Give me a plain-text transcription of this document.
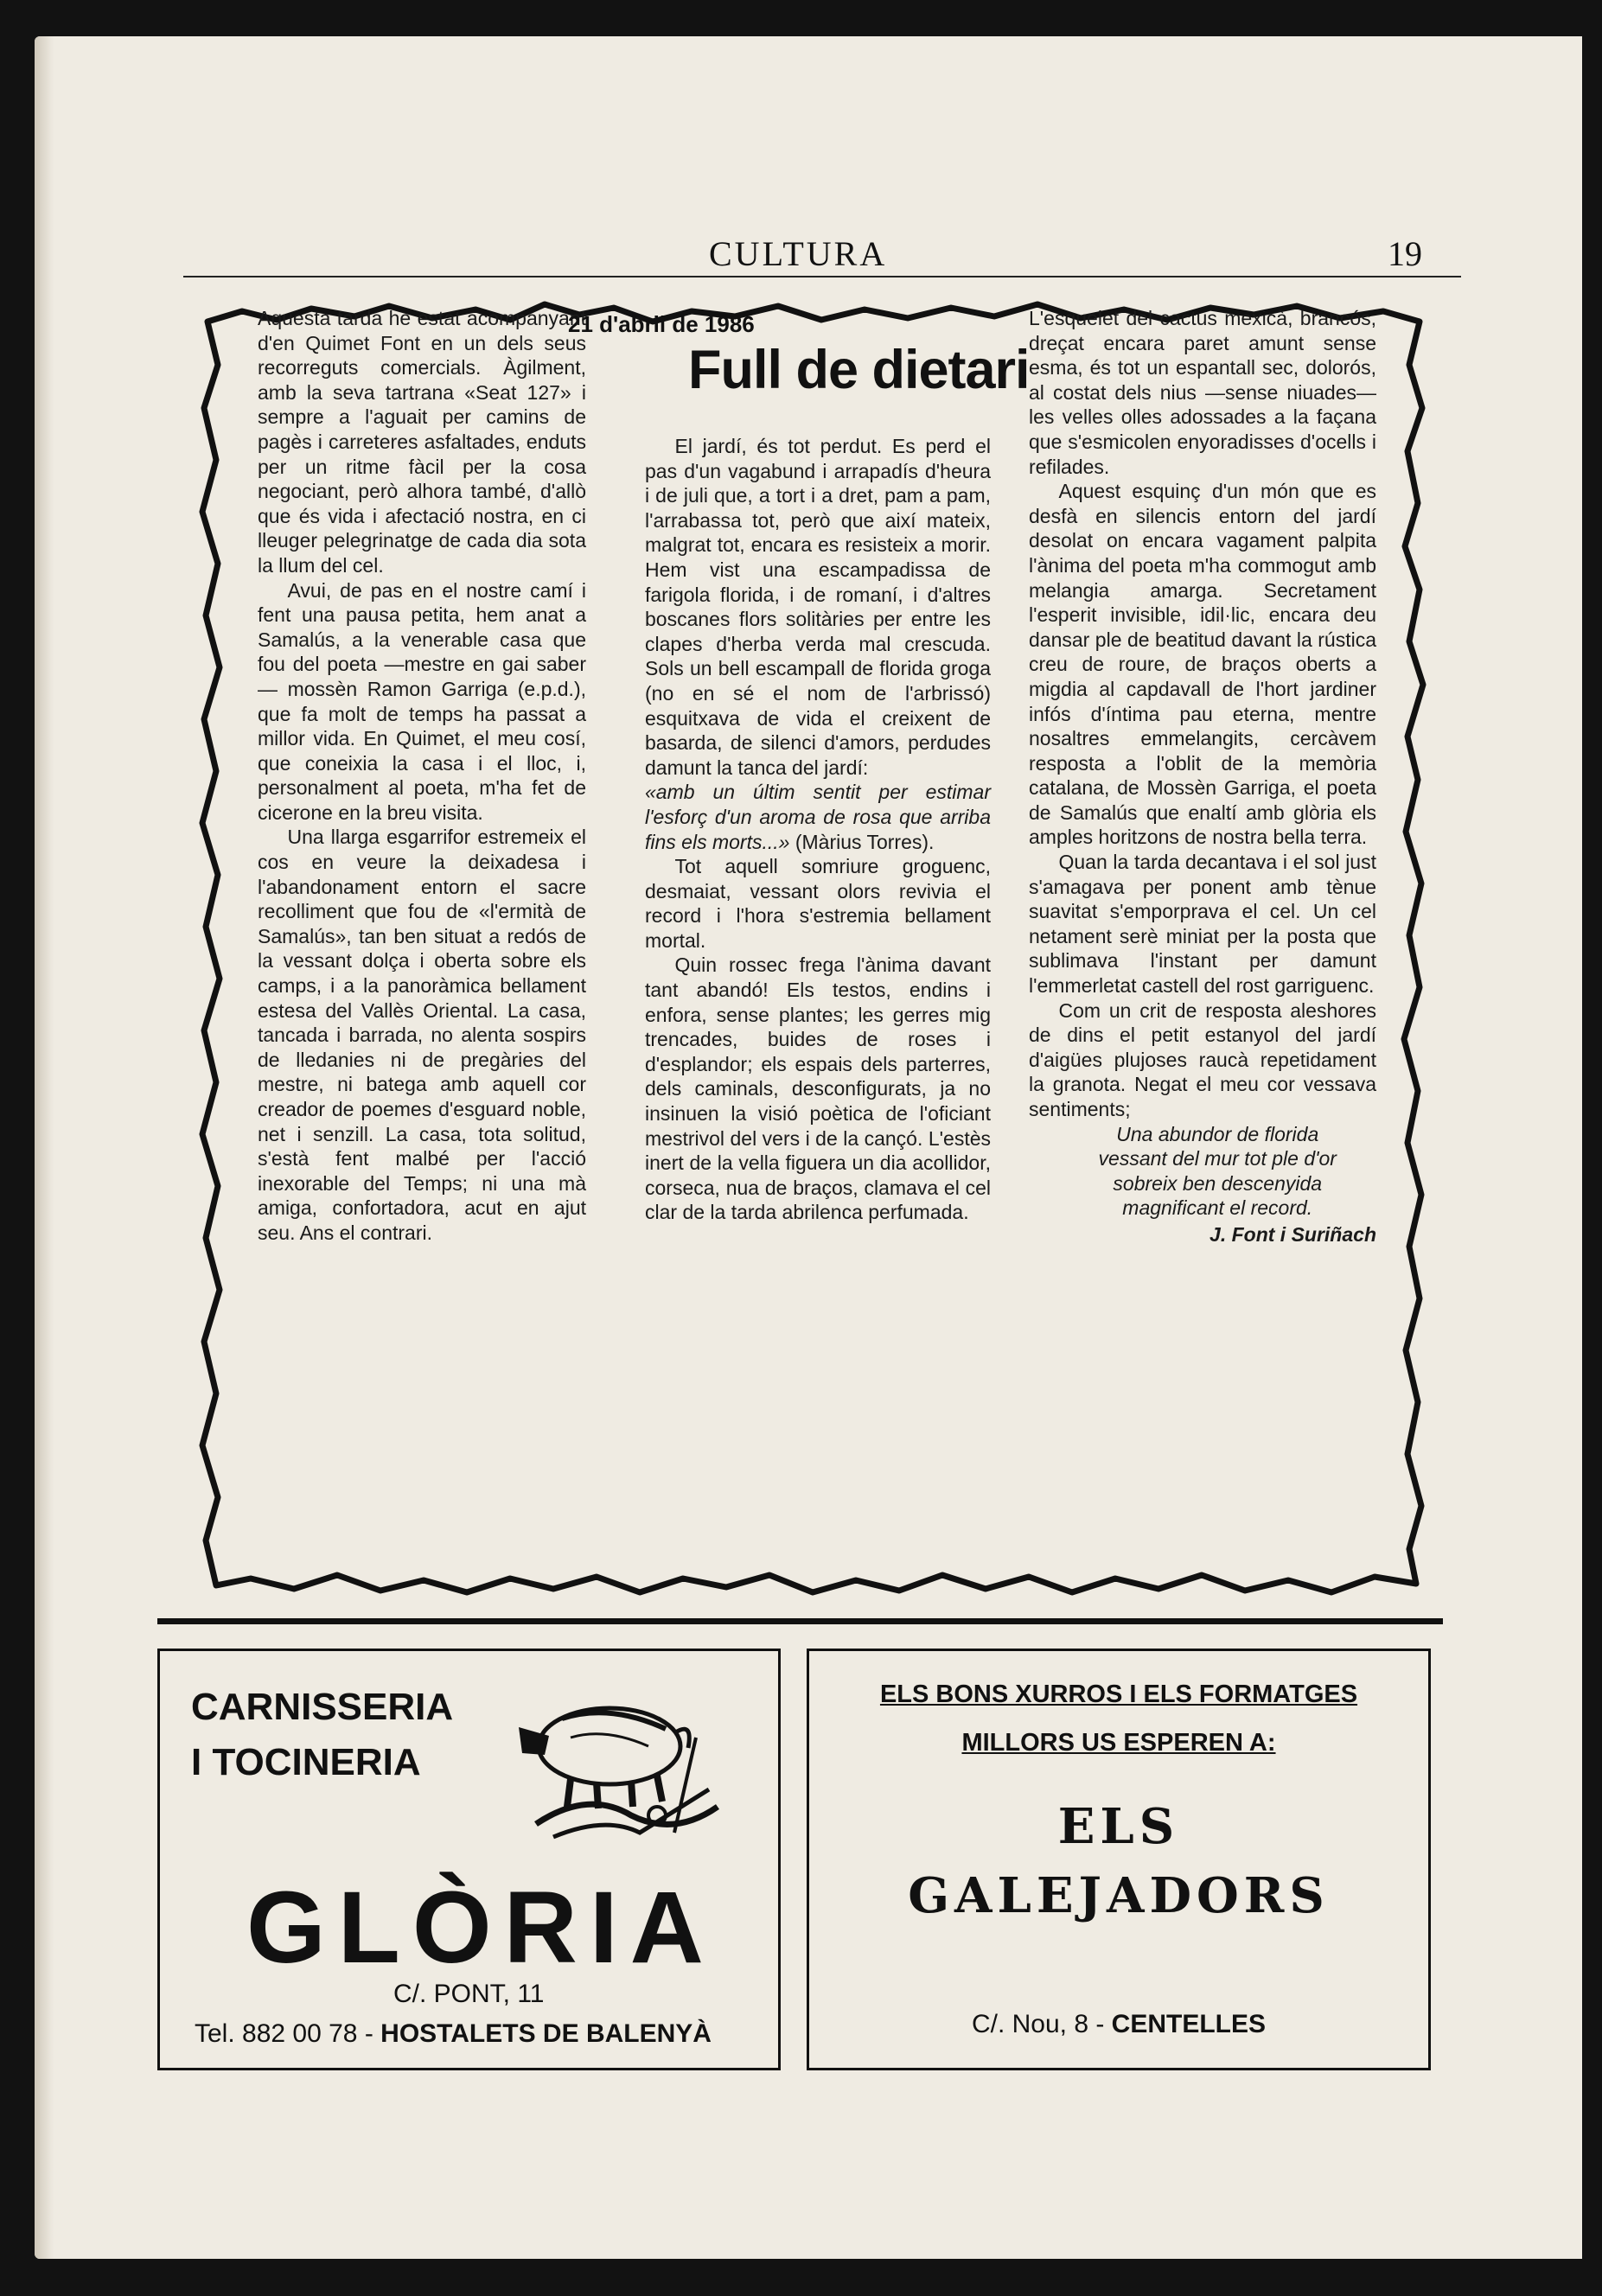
CULTURA	19

Aquesta tarda he estat acompanyant d'en Quimet Font en un dels seus recorreguts comercials. Àgilment, amb la seva tartrana «Seat 127» i sempre a l'aguait per camins de pagès i carreteres asfaltades, enduts per un ritme fàcil per la cosa negociant, però alhora també, d'allò que és vida i afectació nostra, en ci lleuger pelegrinatge de cada dia sota la llum del cel.

Avui, de pas en el nostre camí i fent una pausa petita, hem anat a Samalús, a la venerable casa que fou del poeta —mestre en gai saber— mossèn Ramon Garriga (e.p.d.), que fa molt de temps ha passat a millor vida. En Quimet, el meu cosí, que coneixia la casa i el lloc, i, personalment al poeta, m'ha fet de cicerone en la breu visita.

Una llarga esgarrifor estremeix el cos en veure la deixadesa i l'abandonament entorn el sacre recolliment que fou de «l'ermità de Samalús», tan ben situat a redós de la vessant dolça i oberta sobre els camps, i a la panoràmica bellament estesa del Vallès Oriental. La casa, tancada i barrada, no alenta sospirs de lledanies ni de pregàries del mestre, ni batega amb aquell cor creador de poemes d'esguard noble, net i senzill. La casa, tota solitud, s'està fent malbé per l'acció inexorable del Temps; ni una mà amiga, confortadora, acut en ajut seu. Ans el contrari.

21 d'abril de 1986
Full de dietari

El jardí, és tot perdut. Es perd el pas d'un vagabund i arrapadís d'heura i de juli que, a tort i a dret, pam a pam, l'arrabassa tot, però que així mateix, malgrat tot, encara es resisteix a morir. Hem vist una escampadissa de farigola florida, i de romaní, i d'altres boscanes flors solitàries per entre les clapes d'herba verda mal crescuda. Sols un bell escampall de florida groga (no en sé el nom de l'arbrissó) esquitxava de vida el creixent de basarda, de silenci d'amors, perdudes damunt la tanca del jardí:

«amb un últim sentit per estimar l'esforç d'un aroma de rosa que arriba fins els morts...» (Màrius Torres).

Tot aquell somriure groguenc, desmaiat, vessant olors revivia el record i l'hora s'estremia bellament mortal.

Quin rossec frega l'ànima davant tant abandó! Els testos, endins i enfora, sense plantes; les gerres mig trencades, buides de roses i d'esplandor; els espais dels parterres, dels caminals, desconfigurats, ja no insinuen la visió poètica de l'oficiant mestrivol del vers i de la cançó. L'estès inert de la vella figuera un dia acollidor, corseca, nua de braços, clamava el cel clar de la tarda abrilenca perfumada.

L'esquelet del cactus mexicà, brancós, dreçat encara paret amunt sense esma, és tot un espantall sec, dolorós, al costat dels nius —sense niuades— les velles olles adossades a la façana que s'esmicolen enyoradisses d'ocells i refilades.

Aquest esquinç d'un món que es desfà en silencis entorn del jardí desolat on encara vagament palpita l'ànima del poeta m'ha commogut amb melangia amarga. Secretament l'esperit invisible, idil·lic, encara deu dansar ple de beatitud davant la rústica creu de roure, de braços oberts a migdia al capdavall de l'hort jardiner infós d'íntima pau eterna, mentre nosaltres emmelangits, cercàvem resposta a l'oblit de la memòria catalana, de Mossèn Garriga, el poeta de Samalús que enaltí amb glòria els amples horitzons de nostra bella terra.

Quan la tarda decantava i el sol just s'amagava per ponent amb tènue suavitat s'emporprava el cel. Un cel netament serè miniat per la posta que sublimava l'instant per damunt l'emmerletat castell del rost garriguenc.

Com un crit de resposta aleshores de dins el petit estanyol del jardí d'aigües plujoses raucà repetidament la granota. Negat el meu cor vessava sentiments;

Una abundor de florida

vessant del mur tot ple d'or

sobreix ben descenyida

magnificant el record.

J. Font i Suriñach
CARNISSERIA
I TOCINERIA
GLÒRIA
C/. PONT, 11
Tel. 882 00 78 - HOSTALETS DE BALENYÀ
ELS BONS XURROS I ELS FORMATGES
MILLORS US ESPEREN A:
ELS
GALEJADORS
C/. Nou, 8 - CENTELLES
